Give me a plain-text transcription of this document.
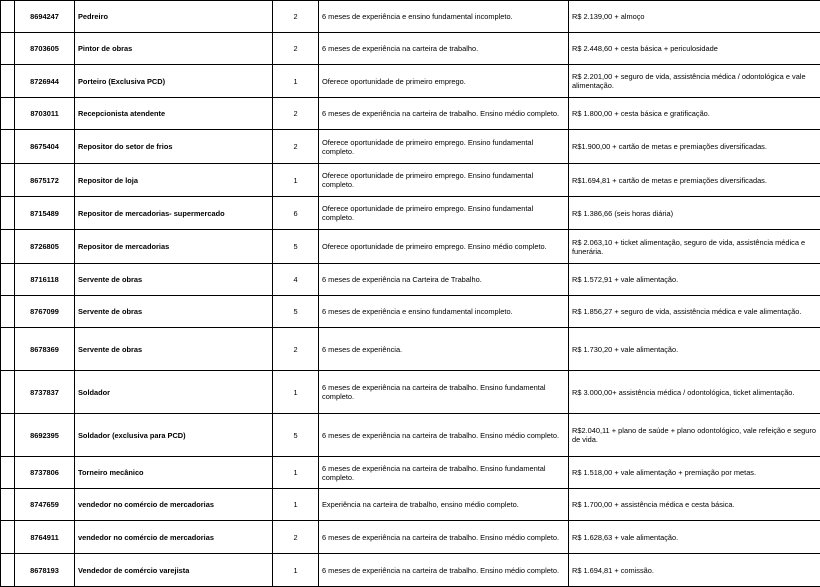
	8694247	Pedreiro	2	6 meses de experiência e ensino fundamental incompleto.	R$ 2.139,00 + almoço
	8703605	Pintor de obras	2	6 meses de experiência na carteira de trabalho.	R$ 2.448,60 + cesta básica + periculosidade
	8726944	Porteiro (Exclusiva PCD)	1	Oferece oportunidade de primeiro emprego.	R$ 2.201,00 + seguro de vida, assistência médica / odontológica e vale alimentação.
	8703011	Recepcionista atendente	2	6 meses de experiência na carteira de trabalho. Ensino médio completo.	R$ 1.800,00 + cesta básica e gratificação.
	8675404	Repositor do setor de frios	2	Oferece oportunidade de primeiro emprego. Ensino fundamental completo.	R$1.900,00 + cartão de metas e premiações diversificadas.
	8675172	Repositor de loja	1	Oferece oportunidade de primeiro emprego. Ensino fundamental completo.	R$1.694,81 + cartão de metas e premiações diversificadas.
	8715489	Repositor de mercadorias- supermercado	6	Oferece oportunidade de primeiro emprego. Ensino fundamental completo.	R$ 1.386,66 (seis horas diária)
	8726805	Repositor de mercadorias	5	Oferece oportunidade de primeiro emprego. Ensino médio completo.	R$ 2.063,10 + ticket alimentação, seguro de vida, assistência médica e funerária.
	8716118	Servente de obras	4	6 meses de experiência na Carteira de Trabalho.	R$ 1.572,91 + vale alimentação.
	8767099	Servente de obras	5	6 meses de experiência e ensino fundamental incompleto.	R$ 1.856,27 + seguro de vida, assistência médica e vale alimentação.
	8678369	Servente de obras	2	6 meses de experiência.	R$ 1.730,20 + vale alimentação.
	8737837	Soldador	1	6 meses de experiência na carteira de trabalho. Ensino fundamental completo.	R$ 3.000,00+ assistência médica / odontológica, ticket alimentação.
	8692395	Soldador (exclusiva para PCD)	5	6 meses de experiência na carteira de trabalho. Ensino médio completo.	R$2.040,11 + plano de saúde + plano odontológico, vale refeição e seguro de vida.
	8737806	Torneiro mecânico	1	6 meses de experiência na carteira de trabalho. Ensino fundamental completo.	R$ 1.518,00 + vale alimentação + premiação por metas.
	8747659	vendedor no comércio de mercadorias	1	Experiência na carteira de trabalho, ensino médio completo.	R$ 1.700,00 + assistência médica e cesta básica.
	8764911	vendedor no comércio de mercadorias	2	6 meses de experiência na carteira de trabalho. Ensino médio completo.	R$ 1.628,63 + vale alimentação.
	8678193	Vendedor de comércio varejista	1	6 meses de experiência na carteira de trabalho. Ensino médio completo.	R$ 1.694,81 + comissão.
